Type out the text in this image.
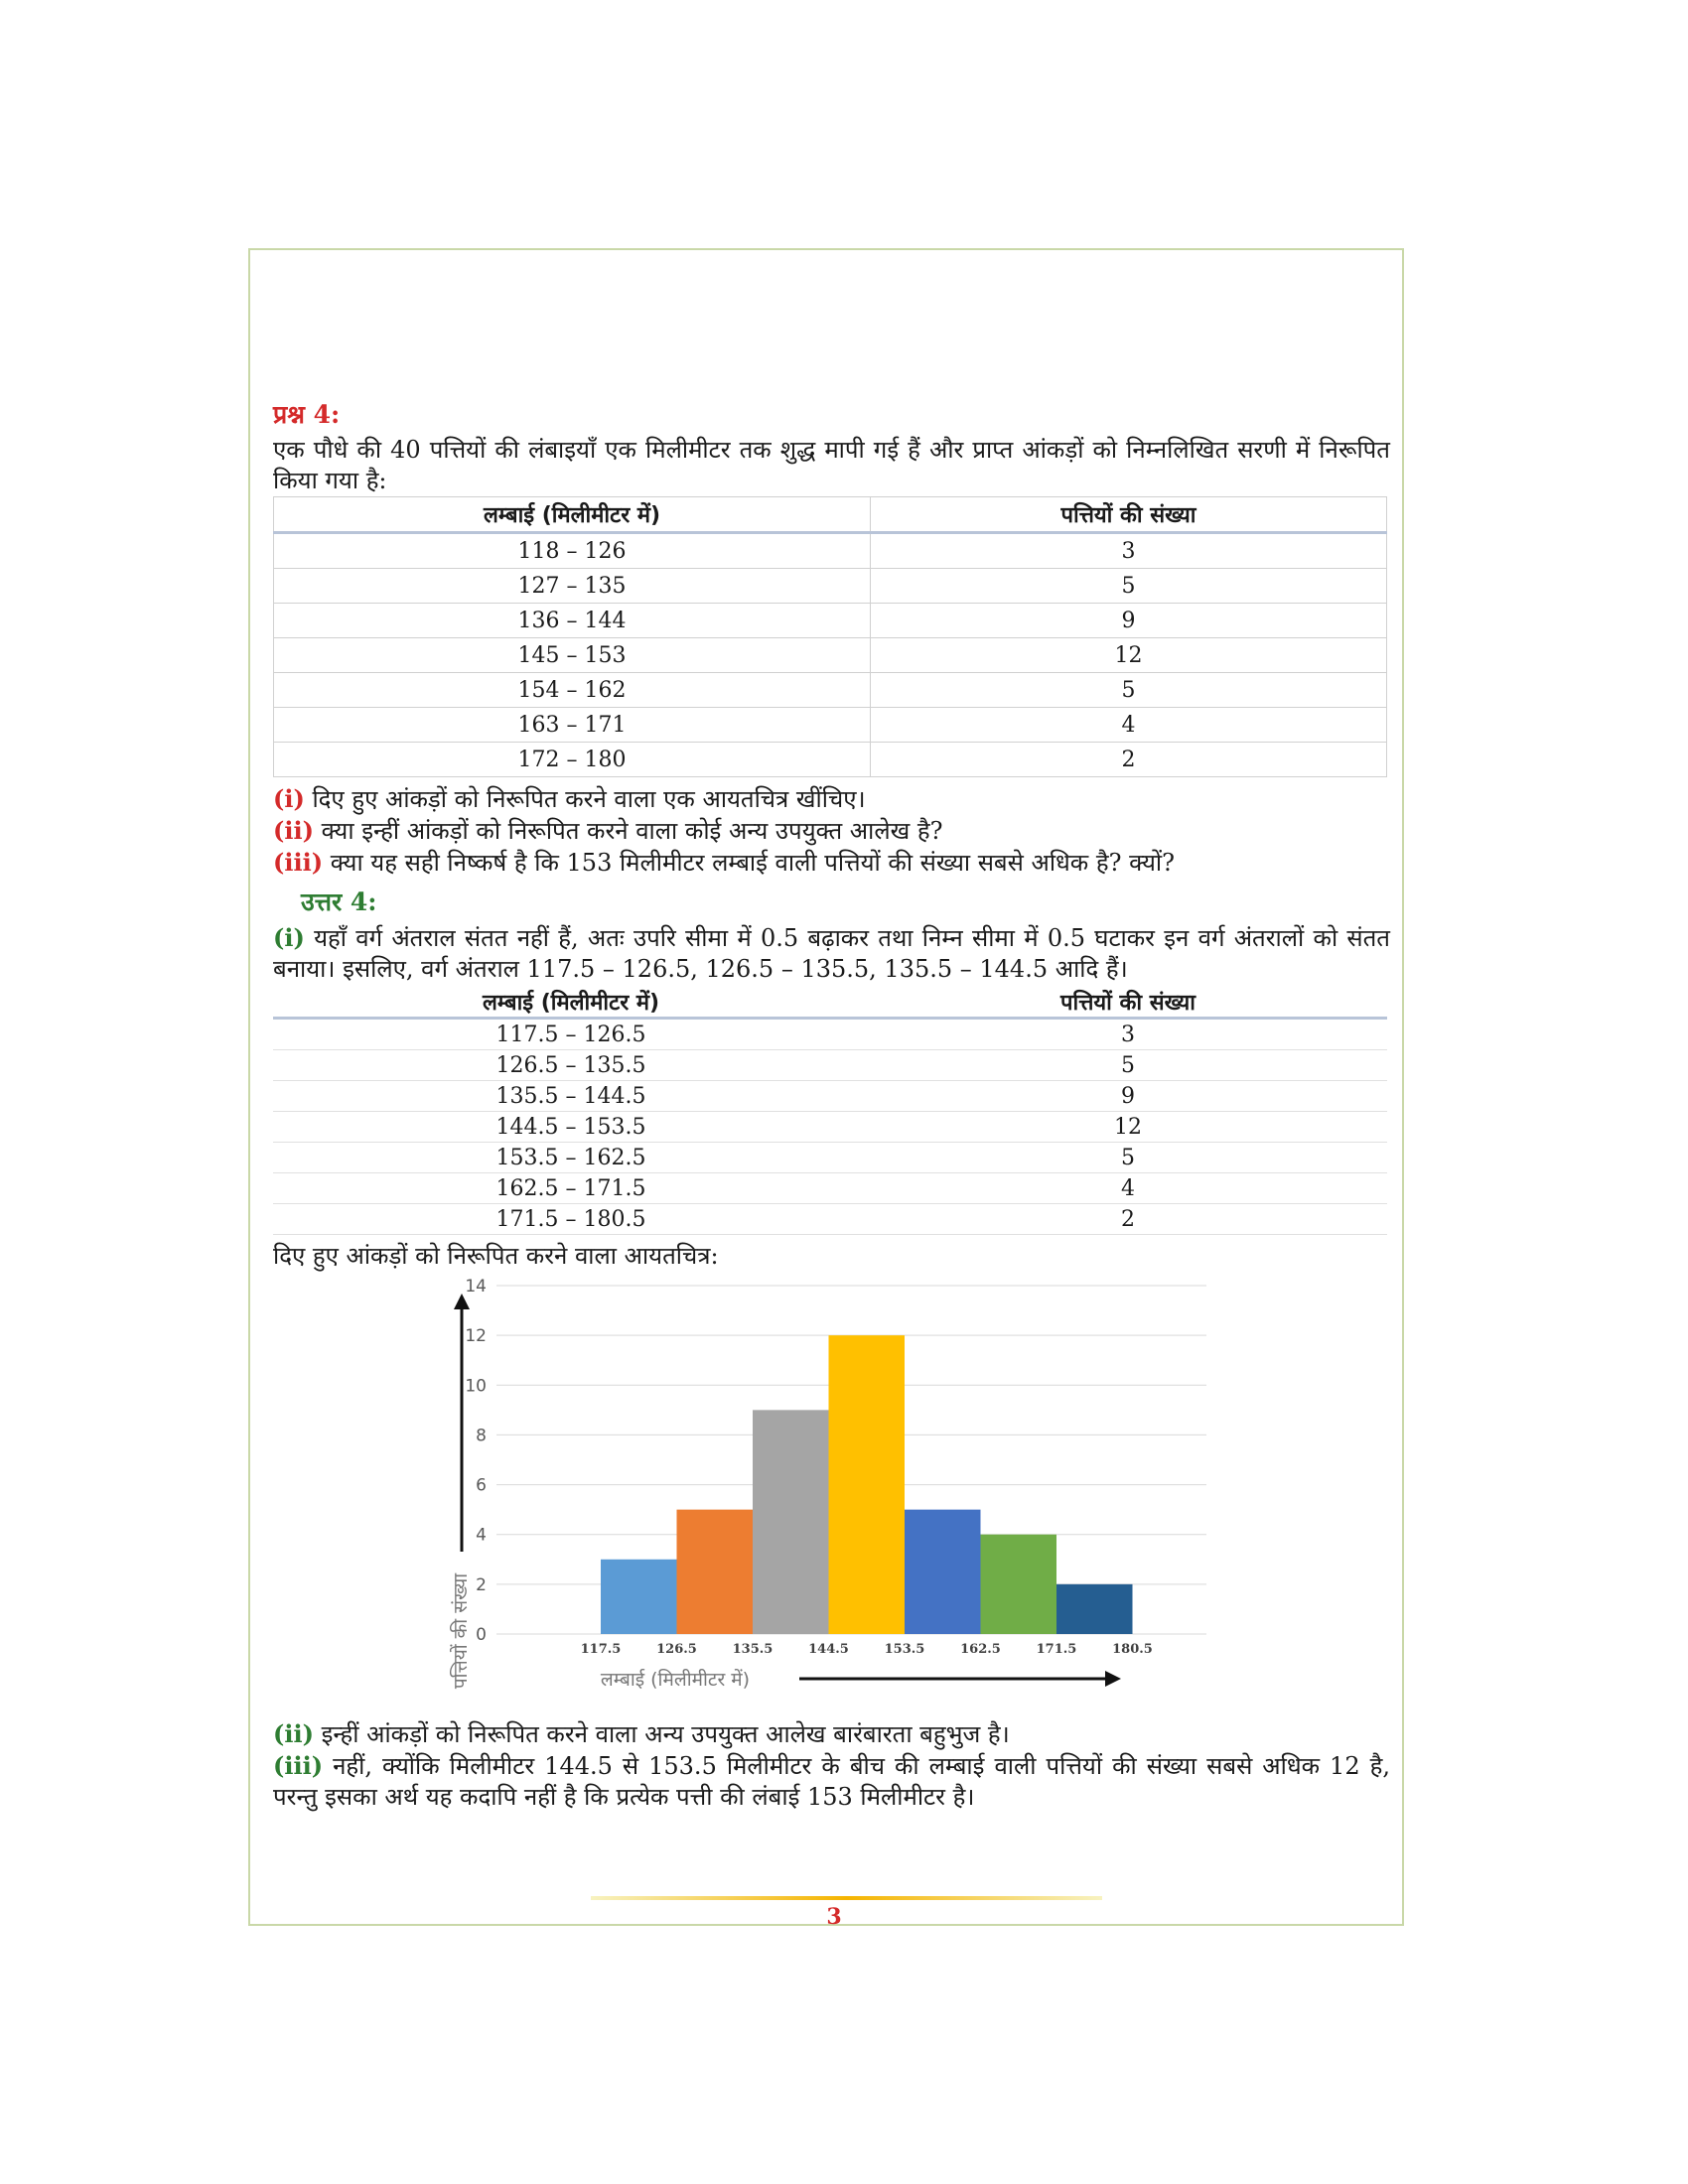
प्रश्न 4:

एक पौधे की 40 पत्तियों की लंबाइयाँ एक मिलीमीटर तक शुद्ध मापी गई हैं और प्राप्त आंकड़ों को निम्नलिखित सरणी में निरूपित किया गया है:

लम्बाई (मिलीमीटर में)	पत्तियों की संख्या
118 – 126	3
127 – 135	5
136 – 144	9
145 – 153	12
154 – 162	5
163 – 171	4
172 – 180	2

(i) दिए हुए आंकड़ों को निरूपित करने वाला एक आयतचित्र खींचिए।

(ii) क्या इन्हीं आंकड़ों को निरूपित करने वाला कोई अन्य उपयुक्त आलेख है?

(iii) क्या यह सही निष्कर्ष है कि 153 मिलीमीटर लम्बाई वाली पत्तियों की संख्या सबसे अधिक है? क्यों?

उत्तर 4:

(i) यहाँ वर्ग अंतराल संतत नहीं हैं, अतः उपरि सीमा में 0.5 बढ़ाकर तथा निम्न सीमा में 0.5 घटाकर इन वर्ग अंतरालों को संतत बनाया। इसलिए, वर्ग अंतराल 117.5 – 126.5, 126.5 – 135.5, 135.5 – 144.5 आदि हैं।

लम्बाई (मिलीमीटर में)	पत्तियों की संख्या
117.5 – 126.5	3
126.5 – 135.5	5
135.5 – 144.5	9
144.5 – 153.5	12
153.5 – 162.5	5
162.5 – 171.5	4
171.5 – 180.5	2

दिए हुए आंकड़ों को निरूपित करने वाला आयतचित्र:

0
2
4
6
8
10
12
14
117.5	126.5	135.5	144.5	153.5	162.5	171.5	180.5
पत्तियों की संख्या	लम्बाई (मिलीमीटर में)

(ii) इन्हीं आंकड़ों को निरूपित करने वाला अन्य उपयुक्त आलेख बारंबारता बहुभुज है।

(iii) नहीं, क्योंकि मिलीमीटर 144.5 से 153.5 मिलीमीटर के बीच की लम्बाई वाली पत्तियों की संख्या सबसे अधिक 12 है, परन्तु इसका अर्थ यह कदापि नहीं है कि प्रत्येक पत्ती की लंबाई 153 मिलीमीटर है।

3
